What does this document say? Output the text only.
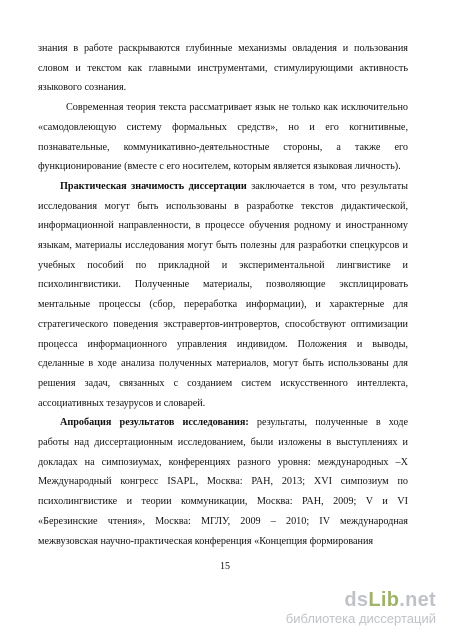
знания в работе раскрываются глубинные механизмы овладения и пользования словом и текстом как главными инструментами, стимулирующими активность языкового сознания.

Современная теория текста рассматривает язык не только как исключительно «самодовлеющую систему формальных средств», но и его когнитивные, познавательные, коммуникативно-деятельностные стороны, а также его функционирование (вместе с его носителем, которым является языковая личность).

Практическая значимость диссертации заключается в том, что результаты исследования могут быть использованы в разработке текстов дидактической, информационной направленности, в процессе обучения родному и иностранному языкам, материалы исследования могут быть полезны для разработки спецкурсов и учебных пособий по прикладной и экспериментальной лингвистике и психолингвистики. Полученные материалы, позволяющие эксплицировать ментальные процессы (сбор, переработка информации), и характерные для стратегического поведения экстравертов-интровертов, способствуют оптимизации процесса информационного управления индивидом. Положения и выводы, сделанные в ходе анализа полученных материалов, могут быть использованы для решения задач, связанных с созданием систем искусственного интеллекта, ассоциативных тезаурусов и словарей.

Апробация результатов исследования: результаты, полученные в ходе работы над диссертационным исследованием, были изложены в выступлениях и докладах на симпозиумах, конференциях разного уровня: международных –X Международный конгресс ISAPL, Москва: РАН, 2013; XVI симпозиум по психолингвистике и теории коммуникации, Москва: РАН, 2009; V и VI «Березинские чтения», Москва: МГЛУ, 2009 – 2010; IV международная межвузовская научно-практическая конференция «Концепция формирования

15
dsLib.net
библиотека диссертаций
